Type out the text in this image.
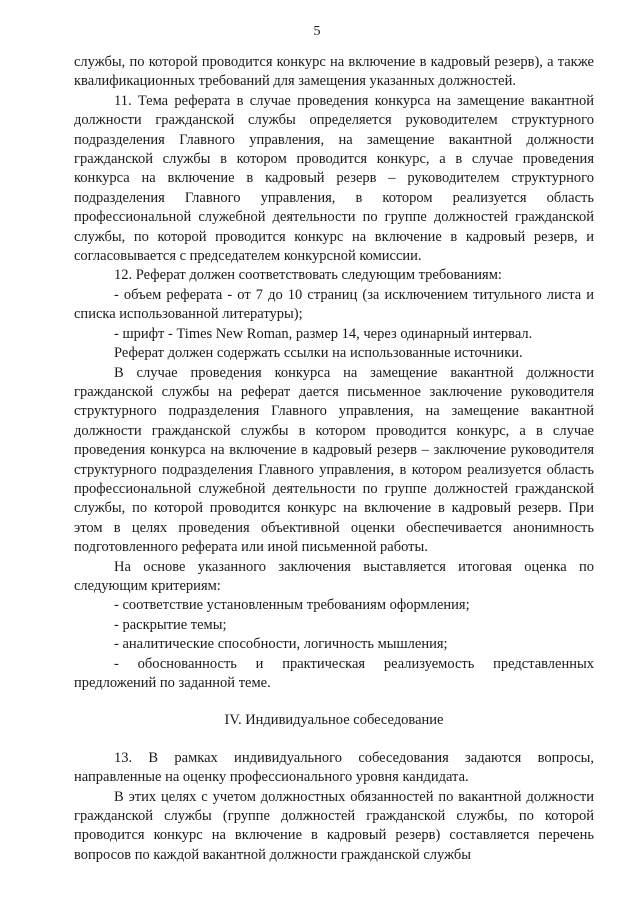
5

службы, по которой проводится конкурс на включение в кадровый резерв), а также квалификационных требований для замещения указанных должностей.

11. Тема реферата в случае проведения конкурса на замещение вакантной должности гражданской службы определяется руководителем структурного подразделения Главного управления, на замещение вакантной должности гражданской службы в котором проводится конкурс, а в случае проведения конкурса на включение в кадровый резерв – руководителем структурного подразделения Главного управления, в котором реализуется область профессиональной служебной деятельности по группе должностей гражданской службы, по которой проводится конкурс на включение в кадровый резерв, и согласовывается с председателем конкурсной комиссии.

12. Реферат должен соответствовать следующим требованиям:

- объем реферата - от 7 до 10 страниц (за исключением титульного листа и списка использованной литературы);

- шрифт - Times New Roman, размер 14, через одинарный интервал.

Реферат должен содержать ссылки на использованные источники.

В случае проведения конкурса на замещение вакантной должности гражданской службы на реферат дается письменное заключение руководителя структурного подразделения Главного управления, на замещение вакантной должности гражданской службы в котором проводится конкурс, а в случае проведения конкурса на включение в кадровый резерв – заключение руководителя структурного подразделения Главного управления, в котором реализуется область профессиональной служебной деятельности по группе должностей гражданской службы, по которой проводится конкурс на включение в кадровый резерв. При этом в целях проведения объективной оценки обеспечивается анонимность подготовленного реферата или иной письменной работы.

На основе указанного заключения выставляется итоговая оценка по следующим критериям:

- соответствие установленным требованиям оформления;

- раскрытие темы;

- аналитические способности, логичность мышления;

- обоснованность и практическая реализуемость представленных предложений по заданной теме.

IV. Индивидуальное собеседование

13. В рамках индивидуального собеседования задаются вопросы, направленные на оценку профессионального уровня кандидата.

В этих целях с учетом должностных обязанностей по вакантной должности гражданской службы (группе должностей гражданской службы, по которой проводится конкурс на включение в кадровый резерв) составляется перечень вопросов по каждой вакантной должности гражданской службы
